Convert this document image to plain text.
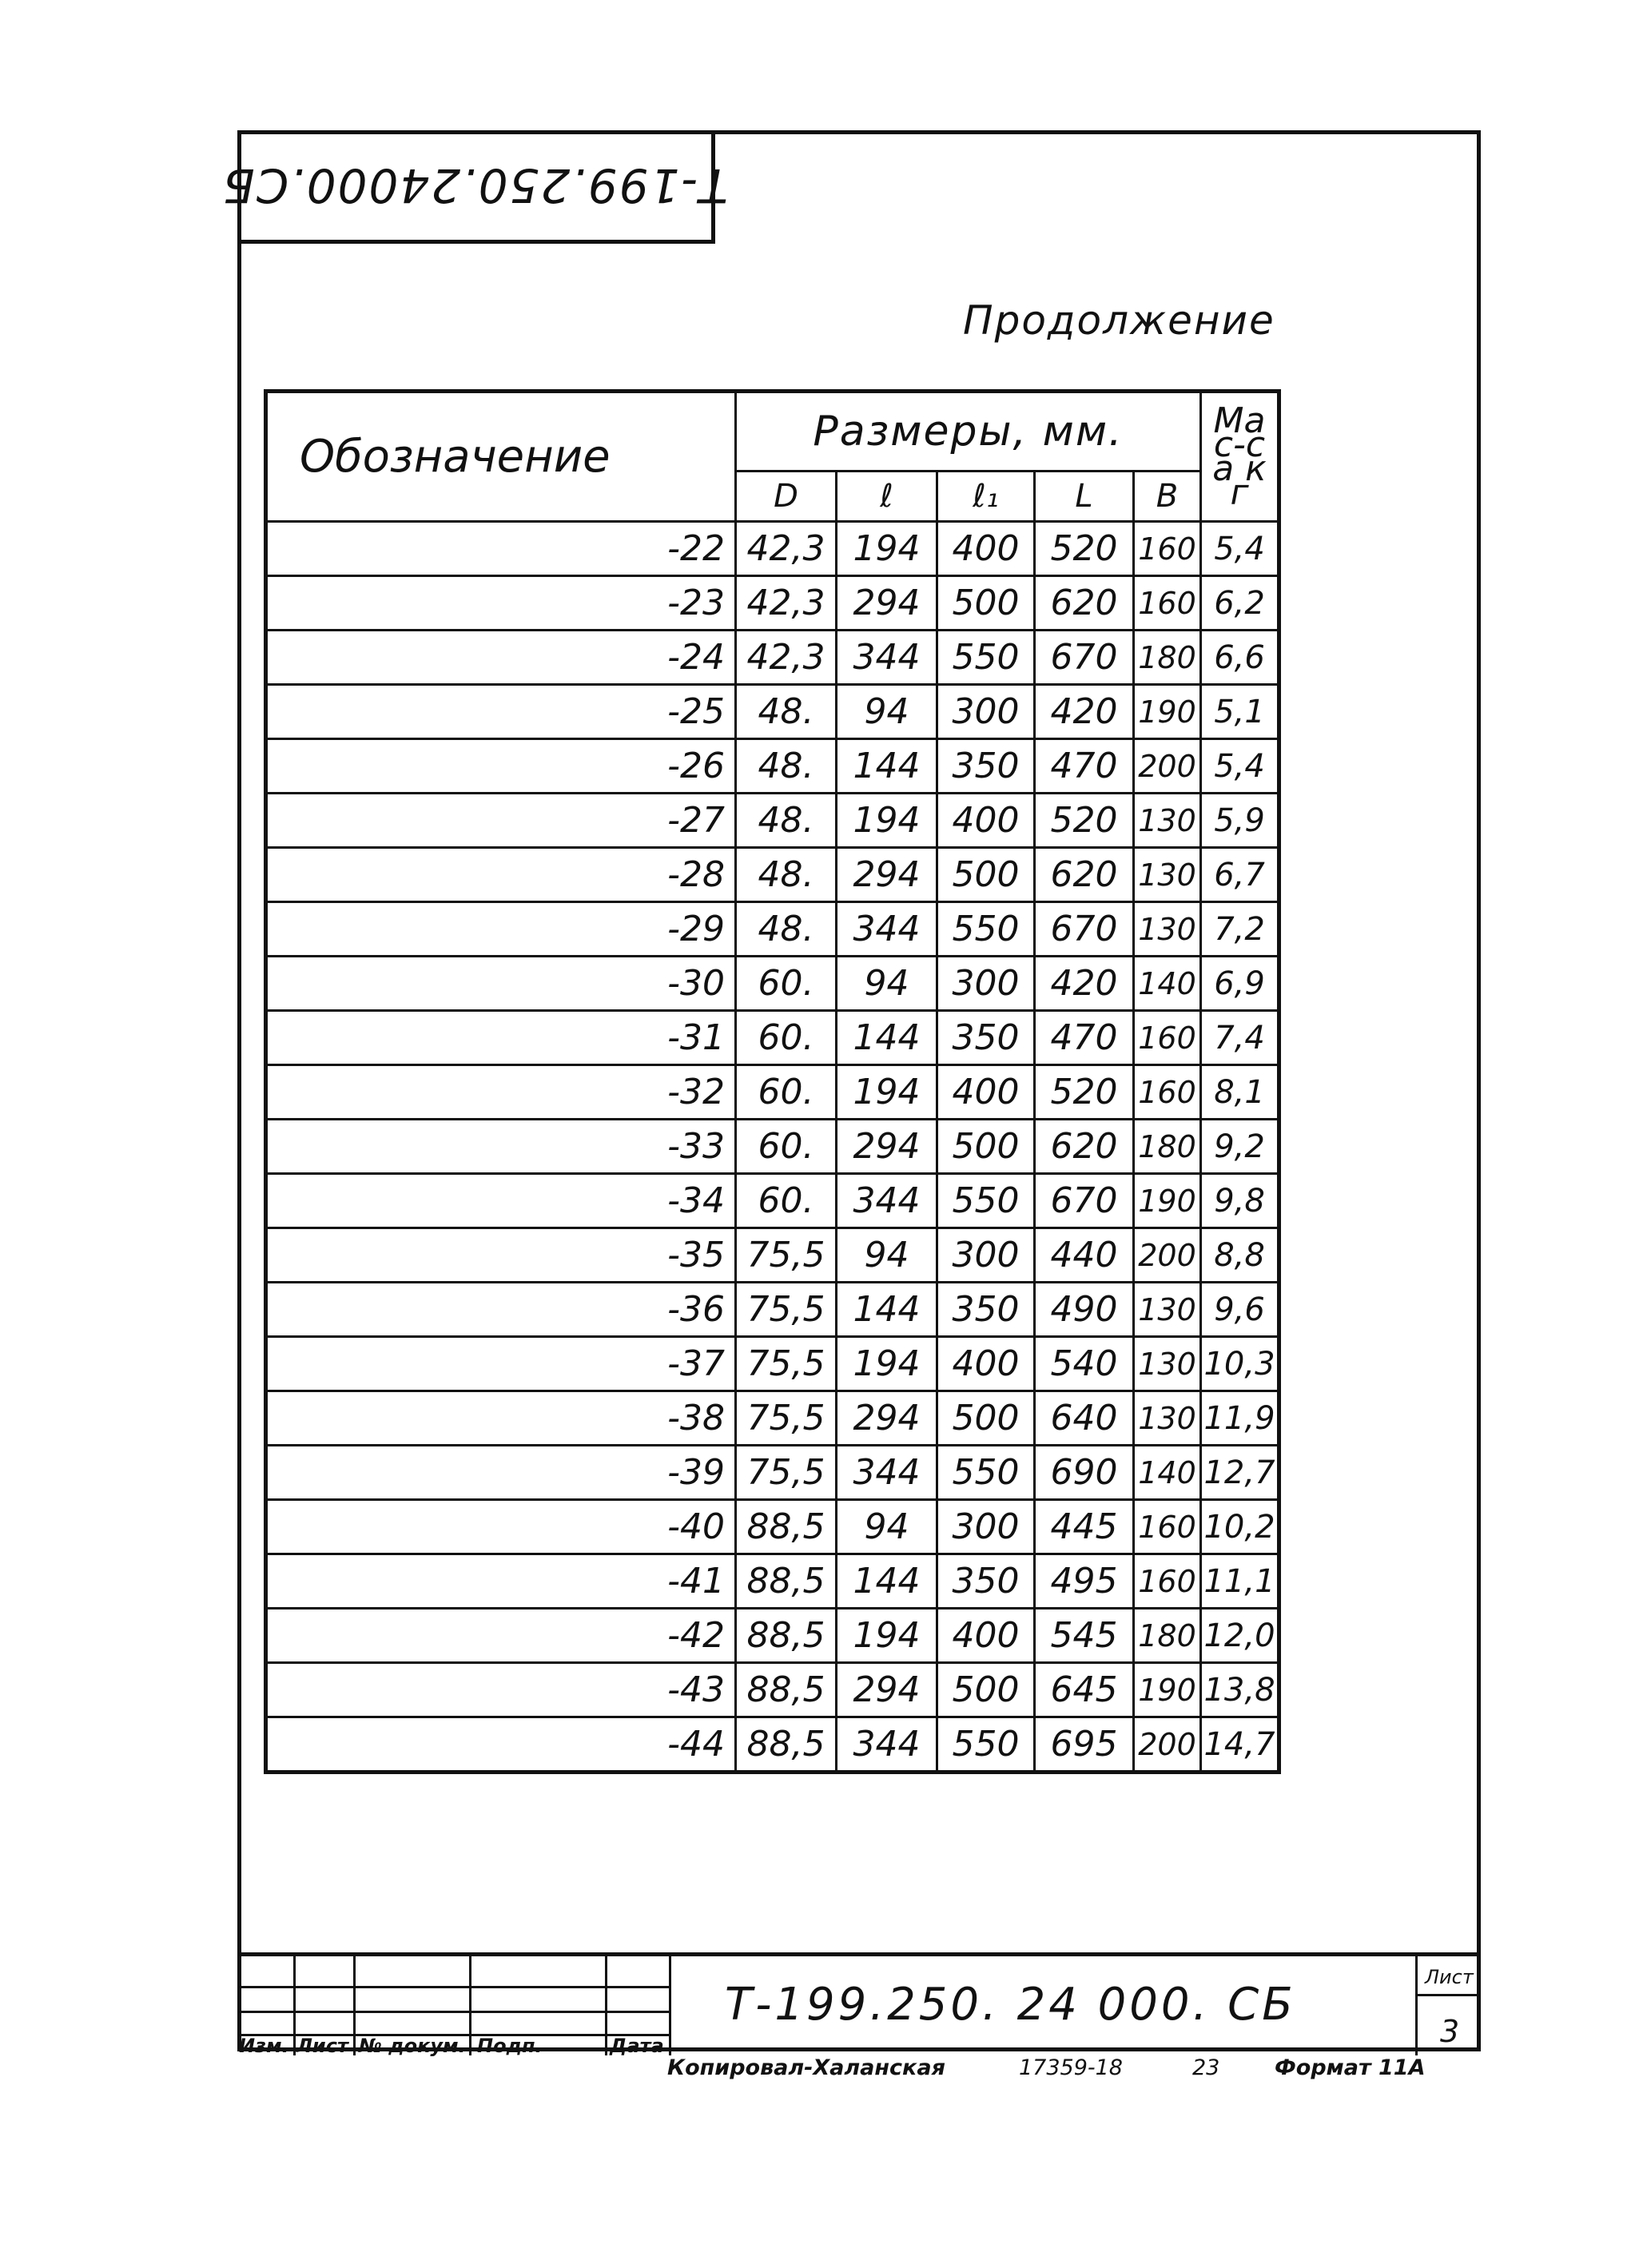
Т-199.250.24000.СБ
Продолжение
Обозначение	Размеры, мм.					Мас-са кг
	D	ℓ	ℓ₁	L	B	
-22	42,3	194	400	520	160	5,4
-23	42,3	294	500	620	160	6,2
-24	42,3	344	550	670	180	6,6
-25	48.	94	300	420	190	5,1
-26	48.	144	350	470	200	5,4
-27	48.	194	400	520	130	5,9
-28	48.	294	500	620	130	6,7
-29	48.	344	550	670	130	7,2
-30	60.	94	300	420	140	6,9
-31	60.	144	350	470	160	7,4
-32	60.	194	400	520	160	8,1
-33	60.	294	500	620	180	9,2
-34	60.	344	550	670	190	9,8
-35	75,5	94	300	440	200	8,8
-36	75,5	144	350	490	130	9,6
-37	75,5	194	400	540	130	10,3
-38	75,5	294	500	640	130	11,9
-39	75,5	344	550	690	140	12,7
-40	88,5	94	300	445	160	10,2
-41	88,5	144	350	495	160	11,1
-42	88,5	194	400	545	180	12,0
-43	88,5	294	500	645	190	13,8
-44	88,5	344	550	695	200	14,7
Изм. Лист № докум. Подп.	Дата
Т-199.250. 24 000. СБ
Лист
3
Копировал-Халанская	17359-18	23	Формат 11А
